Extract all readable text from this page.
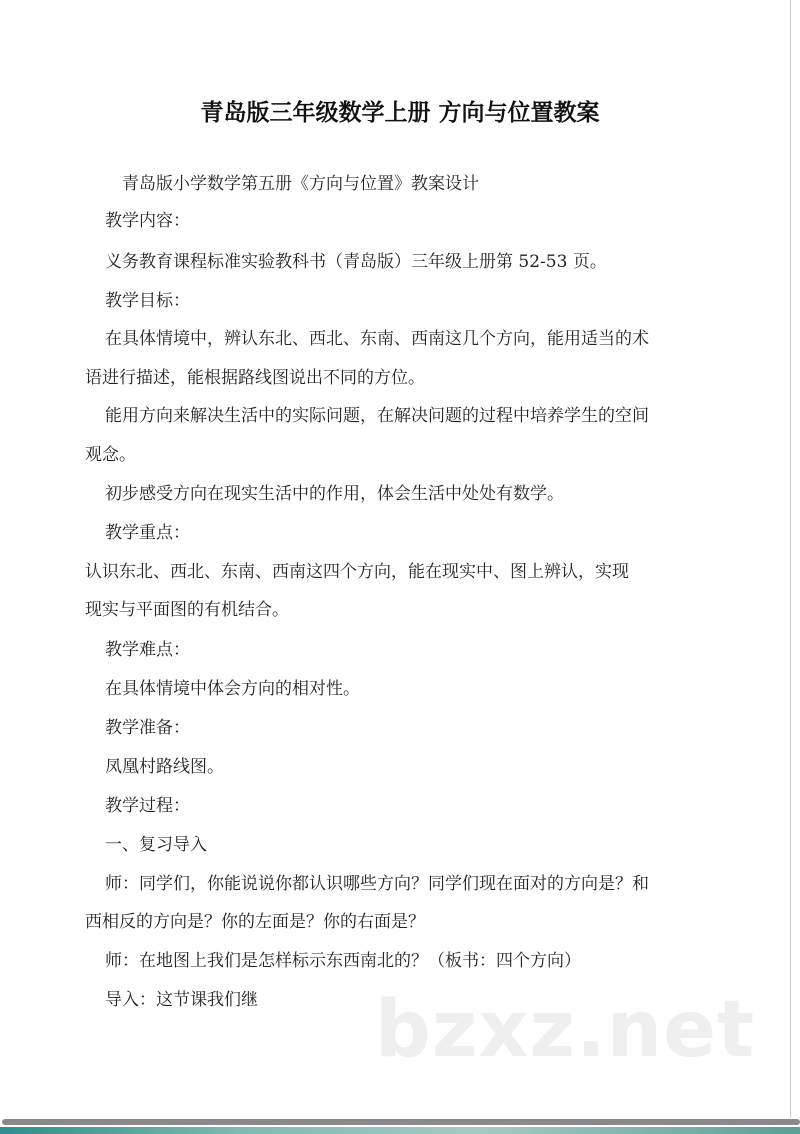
青岛版三年级数学上册 方向与位置教案
青岛版小学数学第五册《方向与位置》教案设计
教学内容：
义务教育课程标准实验教科书（青岛版）三年级上册第 52-53 页。
教学目标：
在具体情境中，辨认东北、西北、东南、西南这几个方向，能用适当的术
语进行描述，能根据路线图说出不同的方位。
能用方向来解决生活中的实际问题，在解决问题的过程中培养学生的空间
观念。
初步感受方向在现实生活中的作用，体会生活中处处有数学。
教学重点：
认识东北、西北、东南、西南这四个方向，能在现实中、图上辨认，实现
现实与平面图的有机结合。
教学难点：
在具体情境中体会方向的相对性。
教学准备：
凤凰村路线图。
教学过程：
一、复习导入
师：同学们，你能说说你都认识哪些方向？同学们现在面对的方向是？和
西相反的方向是？你的左面是？你的右面是？
师：在地图上我们是怎样标示东西南北的？（板书：四个方向）
导入：这节课我们继 bzxz.net
